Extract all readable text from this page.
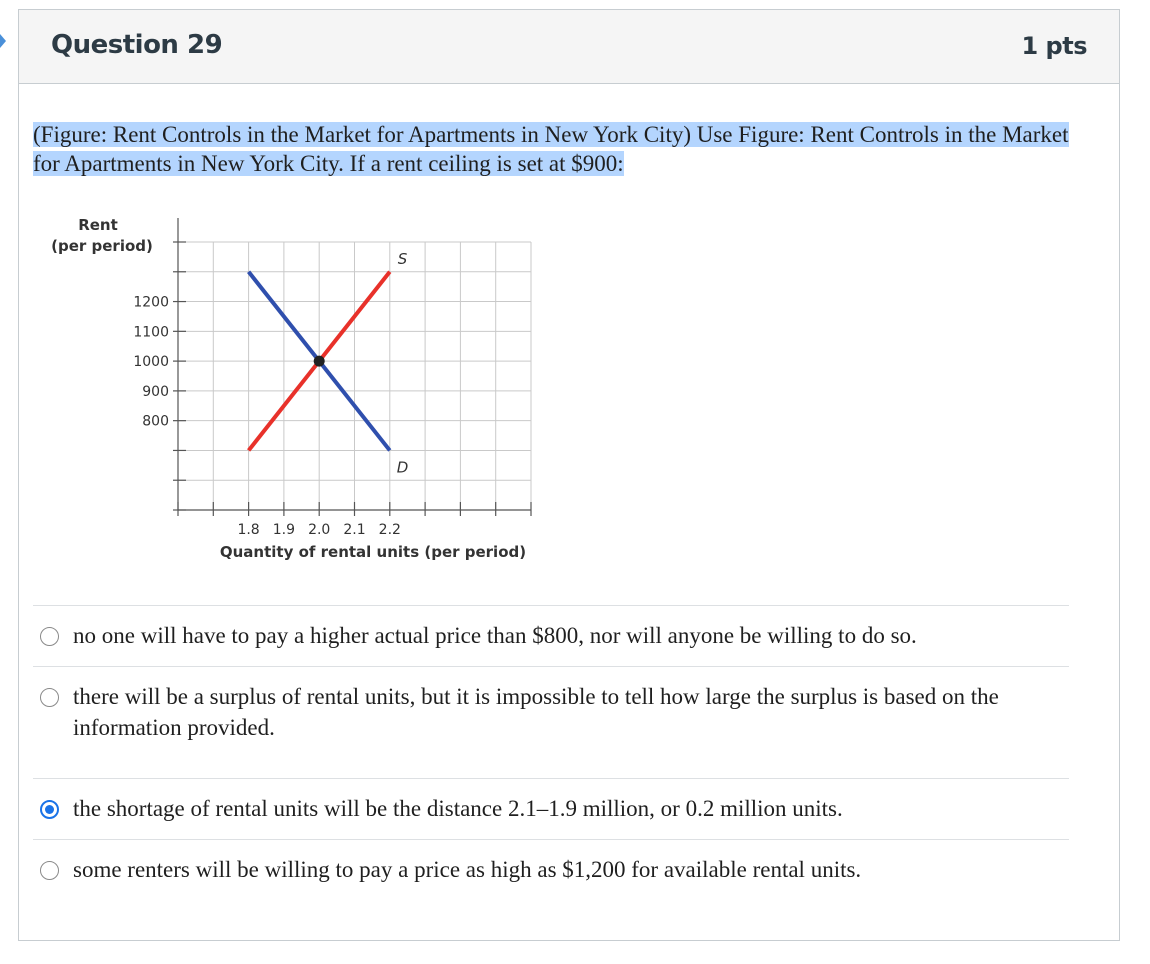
Question 29	1 pts
(Figure: Rent Controls in the Market for Apartments in New York City) Use Figure: Rent Controls in the Market for Apartments in New York City. If a rent ceiling is set at $900:
Rent
(per period)
Quantity of rental units (per period)
1200
1100
1000
900
800
1.8 1.9 2.0 2.1 2.2
S
D
no one will have to pay a higher actual price than $800, nor will anyone be willing to do so.
there will be a surplus of rental units, but it is impossible to tell how large the surplus is based on the information provided.
the shortage of rental units will be the distance 2.1–1.9 million, or 0.2 million units.
some renters will be willing to pay a price as high as $1,200 for available rental units.
